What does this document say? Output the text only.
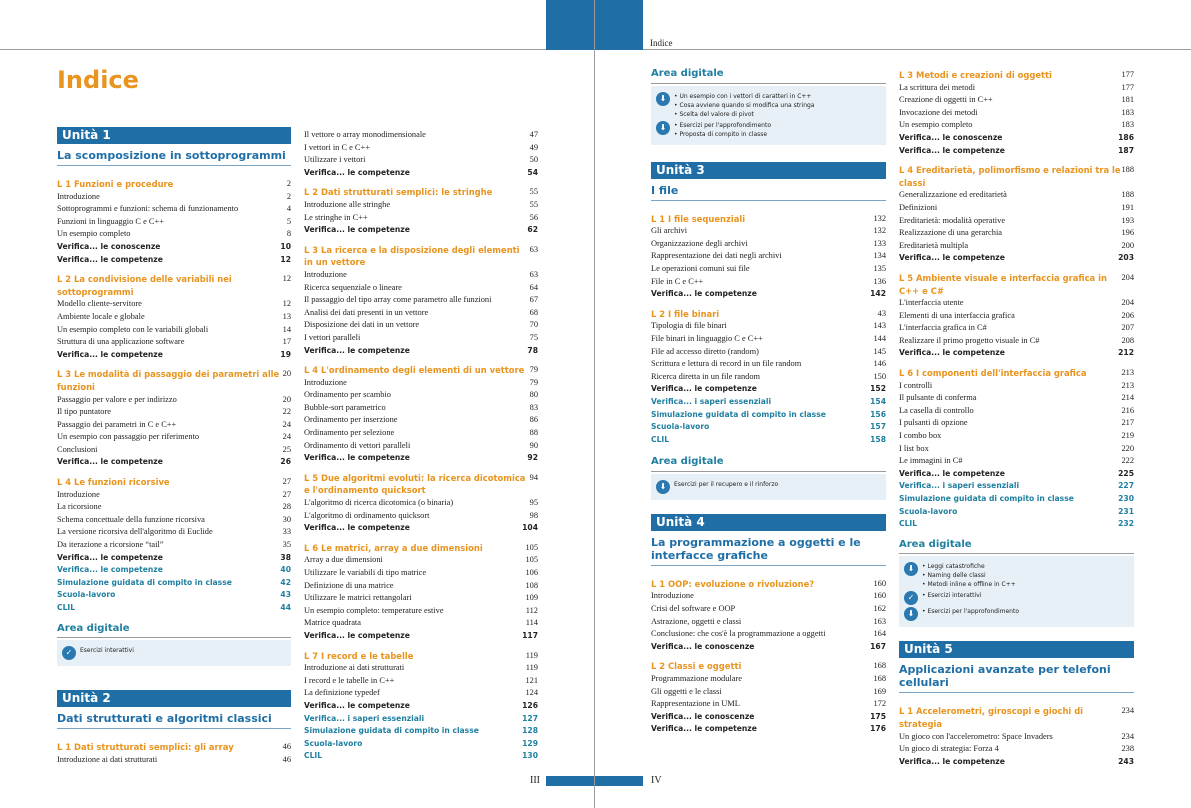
Indice
III	IV
Indice
Unità 1
La scomposizione in sottoprogrammi
L 1 Funzioni e procedure	2
Introduzione	2
Sottoprogrammi e funzioni: schema di funzionamento	4
Funzioni in linguaggio C e C++	5
Un esempio completo	8
Verifica... le conoscenze	10
Verifica... le competenze	12
L 2 La condivisione delle variabili nei sottoprogrammi
12
Modello cliente-servitore	12
Ambiente locale e globale	13
Un esempio completo con le variabili globali	14
Struttura di una applicazione software	17
Verifica... le competenze	19
L 3 Le modalità di passaggio dei parametri alle funzioni
20
Passaggio per valore e per indirizzo	20
Il tipo puntatore	22
Passaggio dei parametri in C e C++	24
Un esempio con passaggio per riferimento	24
Conclusioni	25
Verifica... le competenze	26
L 4 Le funzioni ricorsive	27
Introduzione	27
La ricorsione	28
Schema concettuale della funzione ricorsiva	30
La versione ricorsiva dell'algoritmo di Euclide	33
Da iterazione a ricorsione “tail”	35
Verifica... le competenze	38
Verifica... le competenze	40
Simulazione guidata di compito in classe	42
Scuola-lavoro	43
CLIL	44
Area digitale
✓	Esercizi interattivi
Unità 2
Dati strutturati e algoritmi classici
L 1 Dati strutturati semplici: gli array	46
Introduzione ai dati strutturati	46
Il vettore o array monodimensionale	47
I vettori in C e C++	49
Utilizzare i vettori	50
Verifica... le competenze	54
L 2 Dati strutturati semplici: le stringhe	55
Introduzione alle stringhe	55
Le stringhe in C++	56
Verifica... le competenze	62
L 3 La ricerca e la disposizione degli elementi in un vettore
63
Introduzione	63
Ricerca sequenziale o lineare	64
Il passaggio del tipo array come parametro alle funzioni	67
Analisi dei dati presenti in un vettore	68
Disposizione dei dati in un vettore	70
I vettori paralleli	75
Verifica... le competenze	78
L 4 L'ordinamento degli elementi di un vettore 79
Introduzione	79
Ordinamento per scambio	80
Bubble-sort parametrico	83
Ordinamento per inserzione	86
Ordinamento per selezione	88
Ordinamento di vettori paralleli	90
Verifica... le competenze	92
L 5 Due algoritmi evoluti: la ricerca dicotomica e l'ordinamento quicksort
94
L'algoritmo di ricerca dicotomica (o binaria)	95
L'algoritmo di ordinamento quicksort	98
Verifica... le competenze	104
L 6 Le matrici, array a due dimensioni	105
Array a due dimensioni	105
Utilizzare le variabili di tipo matrice	106
Definizione di una matrice	108
Utilizzare le matrici rettangolari	109
Un esempio completo: temperature estive	112
Matrice quadrata	114
Verifica... le competenze	117
L 7 I record e le tabelle	119
Introduzione ai dati strutturati	119
I record e le tabelle in C++	121
La definizione typedef	124
Verifica... le competenze	126
Verifica... i saperi essenziali	127
Simulazione guidata di compito in classe	128
Scuola-lavoro	129
CLIL	130
Area digitale
⬇	• Un esempio con i vettori di caratteri in C++
• Cosa avviene quando si modifica una stringa
• Scelta del valore di pivot
⬇	• Esercizi per l'approfondimento
• Proposta di compito in classe
Unità 3
I file
L 1 I file sequenziali	132
Gli archivi	132
Organizzazione degli archivi	133
Rappresentazione dei dati negli archivi	134
Le operazioni comuni sui file	135
File in C e C++	136
Verifica... le competenze	142
L 2 I file binari	43
Tipologia di file binari	143
File binari in linguaggio C e C++	144
File ad accesso diretto (random)	145
Scrittura e lettura di record in un file random	146
Ricerca diretta in un file random	150
Verifica... le competenze	152
Verifica... i saperi essenziali	154
Simulazione guidata di compito in classe	156
Scuola-lavoro	157
CLIL	158
Area digitale
⬇	Esercizi per il recupero e il rinforzo
Unità 4
La programmazione a oggetti e le interfacce grafiche
L 1 OOP: evoluzione o rivoluzione?	160
Introduzione	160
Crisi del software e OOP	162
Astrazione, oggetti e classi	163
Conclusione: che cos'è la programmazione a oggetti	164
Verifica... le conoscenze	167
L 2 Classi e oggetti	168
Programmazione modulare	168
Gli oggetti e le classi	169
Rappresentazione in UML	172
Verifica... le conoscenze	175
Verifica... le competenze	176
L 3 Metodi e creazioni di oggetti	177
La scrittura dei metodi	177
Creazione di oggetti in C++	181
Invocazione dei metodi	183
Un esempio completo	183
Verifica... le conoscenze	186
Verifica... le competenze	187
L 4 Ereditarietà, polimorfismo e relazioni tra le classi
188
Generalizzazione ed ereditarietà	188
Definizioni	191
Ereditarietà: modalità operative	193
Realizzazione di una gerarchia	196
Ereditarietà multipla	200
Verifica... le competenze	203
L 5 Ambiente visuale e interfaccia grafica in C++ e C#
204
L'interfaccia utente	204
Elementi di una interfaccia grafica	206
L'interfaccia grafica in C#	207
Realizzare il primo progetto visuale in C#	208
Verifica... le competenze	212
L 6 I componenti dell'interfaccia grafica	213
I controlli	213
Il pulsante di conferma	214
La casella di controllo	216
I pulsanti di opzione	217
I combo box	219
I list box	220
Le immagini in C#	222
Verifica... le competenze	225
Verifica... i saperi essenziali	227
Simulazione guidata di compito in classe	230
Scuola-lavoro	231
CLIL	232
Area digitale
⬇	• Leggi catastrofiche
• Naming delle classi
• Metodi inline e offline in C++
✓	• Esercizi interattivi
⬇	• Esercizi per l'approfondimento
Unità 5
Applicazioni avanzate per telefoni cellulari
L 1 Accelerometri, giroscopi e giochi di strategia
234
Un gioco con l'accelerometro: Space Invaders	234
Un gioco di strategia: Forza 4	238
Verifica... le competenze	243
